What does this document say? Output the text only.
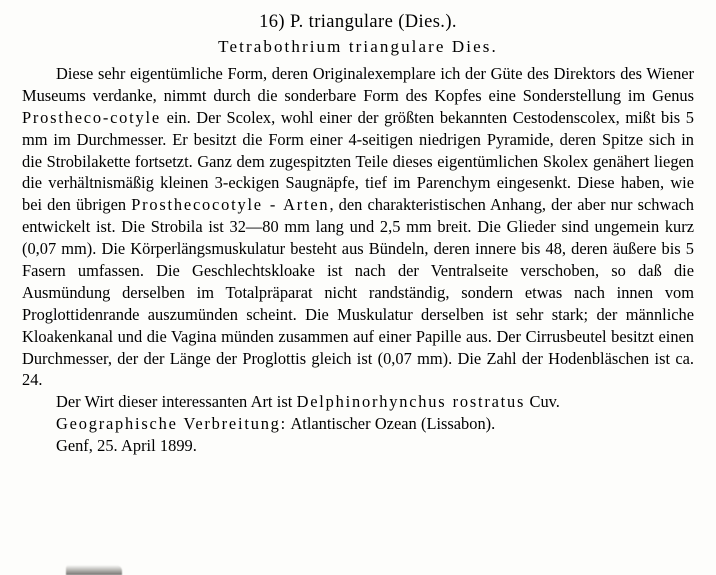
16) P. triangulare (Dies.).
Tetrabothrium triangulare Dies.

Diese sehr eigentümliche Form, deren Originalexemplare ich der Güte des Direktors des Wiener Museums verdanke, nimmt durch die sonderbare Form des Kopfes eine Sonderstellung im Genus Prostheco-cotyle ein. Der Scolex, wohl einer der größten bekannten Cestodenscolex, mißt bis 5 mm im Durchmesser. Er besitzt die Form einer 4-seitigen niedrigen Pyramide, deren Spitze sich in die Strobilakette fortsetzt. Ganz dem zugespitzten Teile dieses eigentümlichen Skolex genähert liegen die verhältnismäßig kleinen 3-eckigen Saugnäpfe, tief im Parenchym eingesenkt. Diese haben, wie bei den übrigen Prosthecocotyle - Arten, den charakteristischen Anhang, der aber nur schwach entwickelt ist. Die Strobila ist 32—80 mm lang und 2,5 mm breit. Die Glieder sind ungemein kurz (0,07 mm). Die Körperlängsmuskulatur besteht aus Bündeln, deren innere bis 48, deren äußere bis 5 Fasern umfassen. Die Geschlechtskloake ist nach der Ventralseite verschoben, so daß die Ausmündung derselben im Totalpräparat nicht randständig, sondern etwas nach innen vom Proglottidenrande auszumünden scheint. Die Muskulatur derselben ist sehr stark; der männliche Kloakenkanal und die Vagina münden zusammen auf einer Papille aus. Der Cirrusbeutel besitzt einen Durchmesser, der der Länge der Proglottis gleich ist (0,07 mm). Die Zahl der Hodenbläschen ist ca. 24.

Der Wirt dieser interessanten Art ist Delphinorhynchus rostratus Cuv.

Geographische Verbreitung: Atlantischer Ozean (Lissabon).

Genf, 25. April 1899.
